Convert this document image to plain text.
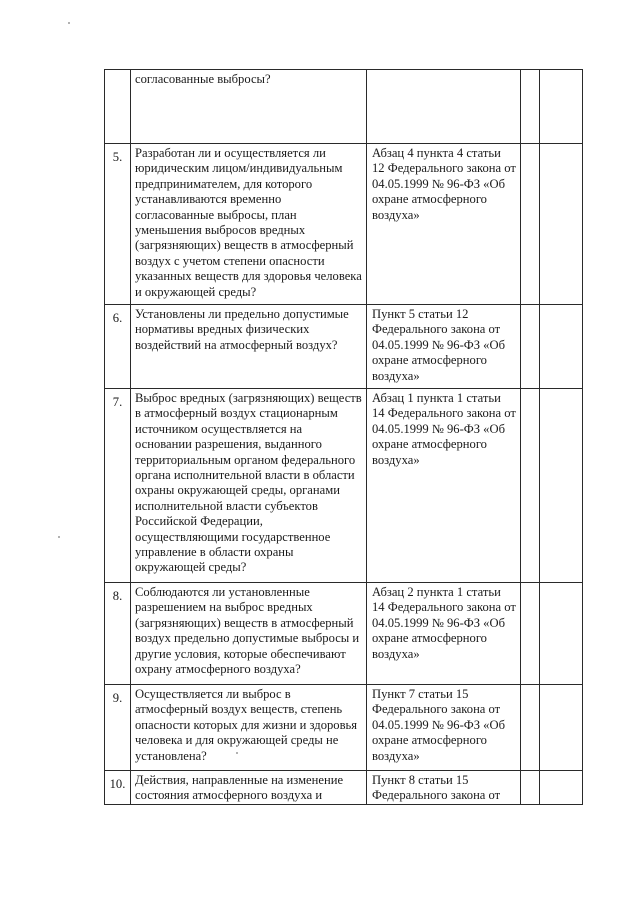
	согласованные выбросы?			
5.	Разработан ли и осуществляется ли юридическим лицом/индивидуальным предпринимателем, для которого устанавливаются временно согласованные выбросы, план уменьшения выбросов вредных (загрязняющих) веществ в атмосферный воздух с учетом степени опасности указанных веществ для здоровья человека и окружающей среды?	Абзац 4 пункта 4 статьи 12 Федерального закона от 04.05.1999 № 96-ФЗ «Об охране атмосферного воздуха»		
6.	Установлены ли предельно допустимые нормативы вредных физических воздействий на атмосферный воздух?	Пункт 5 статьи 12 Федерального закона от 04.05.1999 № 96-ФЗ «Об охране атмосферного воздуха»		
7.	Выброс вредных (загрязняющих) веществ в атмосферный воздух стационарным источником осуществляется на основании разрешения, выданного территориальным органом федерального органа исполнительной власти в области охраны окружающей среды, органами исполнительной власти субъектов Российской Федерации, осуществляющими государственное управление в области охраны окружающей среды?	Абзац 1 пункта 1 статьи 14 Федерального закона от 04.05.1999 № 96-ФЗ «Об охране атмосферного воздуха»		
8.	Соблюдаются ли установленные разрешением на выброс вредных (загрязняющих) веществ в атмосферный воздух предельно допустимые выбросы и другие условия, которые обеспечивают охрану атмосферного воздуха?	Абзац 2 пункта 1 статьи 14 Федерального закона от 04.05.1999 № 96-ФЗ «Об охране атмосферного воздуха»		
9.	Осуществляется ли выброс в атмосферный воздух веществ, степень опасности которых для жизни и здоровья человека и для окружающей среды не установлена?	Пункт 7 статьи 15 Федерального закона от 04.05.1999 № 96-ФЗ «Об охране атмосферного воздуха»		
10.	Действия, направленные на изменение состояния атмосферного воздуха и	Пункт 8 статьи 15 Федерального закона от		
